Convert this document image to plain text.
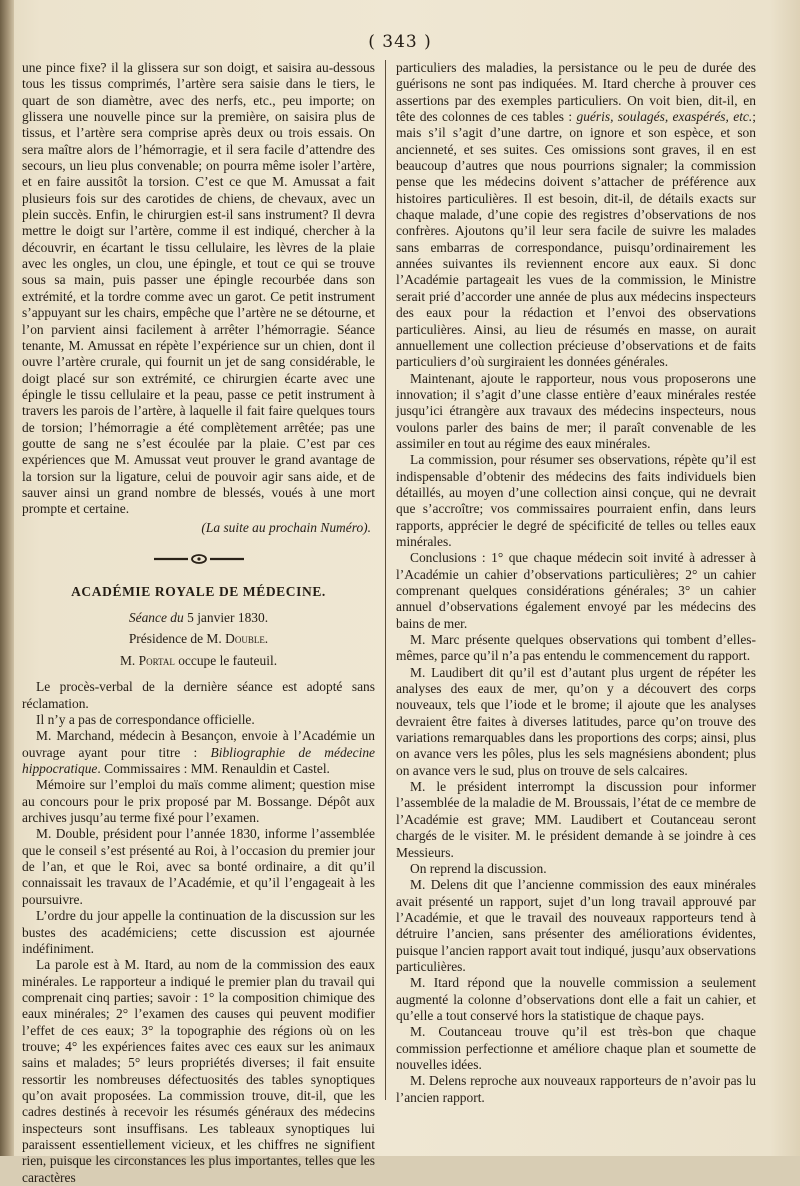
( 343 )

une pince fixe? il la glissera sur son doigt, et saisira au-dessous tous les tissus comprimés, l’artère sera saisie dans le tiers, le quart de son diamètre, avec des nerfs, etc., peu importe; on glissera une nouvelle pince sur la première, on saisira plus de tissus, et l’artère sera comprise après deux ou trois essais. On sera maître alors de l’hémorragie, et il sera facile d’attendre des secours, un lieu plus convenable; on pourra même isoler l’artère, et en faire aussitôt la torsion. C’est ce que M. Amussat a fait plusieurs fois sur des carotides de chiens, de chevaux, avec un plein succès. Enfin, le chirurgien est-il sans instrument? Il devra mettre le doigt sur l’artère, comme il est indiqué, chercher à la découvrir, en écartant le tissu cellulaire, les lèvres de la plaie avec les ongles, un clou, une épingle, et tout ce qui se trouve sous sa main, puis passer une épingle recourbée dans son extrémité, et la tordre comme avec un garot. Ce petit instrument s’appuyant sur les chairs, empêche que l’artère ne se détourne, et l’on parvient ainsi facilement à arrêter l’hémorragie. Séance tenante, M. Amussat en répète l’expérience sur un chien, dont il ouvre l’artère crurale, qui fournit un jet de sang considérable, le doigt placé sur son extrémité, ce chirurgien écarte avec une épingle le tissu cellulaire et la peau, passe ce petit instrument à travers les parois de l’artère, à laquelle il fait faire quelques tours de torsion; l’hémorragie a été complètement arrêtée; pas une goutte de sang ne s’est écoulée par la plaie. C’est par ces expériences que M. Amussat veut prouver le grand avantage de la torsion sur la ligature, celui de pouvoir agir sans aide, et de sauver ainsi un grand nombre de blessés, voués à une mort prompte et certaine.

(La suite au prochain Numéro).
ACADÉMIE ROYALE DE MÉDECINE.

Séance du 5 janvier 1830.

Présidence de M. Double.

M. Portal occupe le fauteuil.

Le procès-verbal de la dernière séance est adopté sans réclamation.

Il n’y a pas de correspondance officielle.

M. Marchand, médecin à Besançon, envoie à l’Académie un ouvrage ayant pour titre : Bibliographie de médecine hippocratique. Commissaires : MM. Renauldin et Castel.

Mémoire sur l’emploi du maïs comme aliment; question mise au concours pour le prix proposé par M. Bossange. Dépôt aux archives jusqu’au terme fixé pour l’examen.

M. Double, président pour l’année 1830, informe l’assemblée que le conseil s’est présenté au Roi, à l’occasion du premier jour de l’an, et que le Roi, avec sa bonté ordinaire, a dit qu’il connaissait les travaux de l’Académie, et qu’il l’engageait à les poursuivre.

L’ordre du jour appelle la continuation de la discussion sur les bustes des académiciens; cette discussion est ajournée indéfiniment.

La parole est à M. Itard, au nom de la commission des eaux minérales. Le rapporteur a indiqué le premier plan du travail qui comprenait cinq parties; savoir : 1° la composition chimique des eaux minérales; 2° l’examen des causes qui peuvent modifier l’effet de ces eaux; 3° la topographie des régions où on les trouve; 4° les expériences faites avec ces eaux sur les animaux sains et malades; 5° leurs propriétés diverses; il fait ensuite ressortir les nombreuses défectuosités des tables synoptiques qu’on avait proposées. La commission trouve, dit-il, que les cadres destinés à recevoir les résumés généraux des médecins inspecteurs sont insuffisans. Les tableaux synoptiques lui paraissent essentiellement vicieux, et les chiffres ne signifient rien, puisque les circonstances les plus importantes, telles que les caractères

particuliers des maladies, la persistance ou le peu de durée des guérisons ne sont pas indiquées. M. Itard cherche à prouver ces assertions par des exemples particuliers. On voit bien, dit-il, en tête des colonnes de ces tables : guéris, soulagés, exaspérés, etc.; mais s’il s’agit d’une dartre, on ignore et son espèce, et son ancienneté, et ses suites. Ces omissions sont graves, il en est beaucoup d’autres que nous pourrions signaler; la commission pense que les médecins doivent s’attacher de préférence aux histoires particulières. Il est besoin, dit-il, de détails exacts sur chaque malade, d’une copie des registres d’observations de nos confrères. Ajoutons qu’il leur sera facile de suivre les malades sans embarras de correspondance, puisqu’ordinairement les années suivantes ils reviennent encore aux eaux. Si donc l’Académie partageait les vues de la commission, le Ministre serait prié d’accorder une année de plus aux médecins inspecteurs des eaux pour la rédaction et l’envoi des observations particulières. Ainsi, au lieu de résumés en masse, on aurait annuellement une collection précieuse d’observations et de faits particuliers d’où surgiraient les données générales.

Maintenant, ajoute le rapporteur, nous vous proposerons une innovation; il s’agit d’une classe entière d’eaux minérales restée jusqu’ici étrangère aux travaux des médecins inspecteurs, nous voulons parler des bains de mer; il paraît convenable de les assimiler en tout au régime des eaux minérales.

La commission, pour résumer ses observations, répète qu’il est indispensable d’obtenir des médecins des faits individuels bien détaillés, au moyen d’une collection ainsi conçue, qui ne devrait que s’accroître; vos commissaires pourraient enfin, dans leurs rapports, apprécier le degré de spécificité de telles ou telles eaux minérales.

Conclusions : 1° que chaque médecin soit invité à adresser à l’Académie un cahier d’observations particulières; 2° un cahier comprenant quelques considérations générales; 3° un cahier annuel d’observations également envoyé par les médecins des bains de mer.

M. Marc présente quelques observations qui tombent d’elles-mêmes, parce qu’il n’a pas entendu le commencement du rapport.

M. Laudibert dit qu’il est d’autant plus urgent de répéter les analyses des eaux de mer, qu’on y a découvert des corps nouveaux, tels que l’iode et le brome; il ajoute que les analyses devraient être faites à diverses latitudes, parce qu’on trouve des variations remarquables dans les proportions des corps; ainsi, plus on avance vers les pôles, plus les sels magnésiens abondent; plus on avance vers le sud, plus on trouve de sels calcaires.

M. le président interrompt la discussion pour informer l’assemblée de la maladie de M. Broussais, l’état de ce membre de l’Académie est grave; MM. Laudibert et Coutanceau seront chargés de le visiter. M. le président demande à se joindre à ces Messieurs.

On reprend la discussion.

M. Delens dit que l’ancienne commission des eaux minérales avait présenté un rapport, sujet d’un long travail approuvé par l’Académie, et que le travail des nouveaux rapporteurs tend à détruire l’ancien, sans présenter des améliorations évidentes, puisque l’ancien rapport avait tout indiqué, jusqu’aux observations particulières.

M. Itard répond que la nouvelle commission a seulement augmenté la colonne d’observations dont elle a fait un cahier, et qu’elle a tout conservé hors la statistique de chaque pays.

M. Coutanceau trouve qu’il est très-bon que chaque commission perfectionne et améliore chaque plan et soumette de nouvelles idées.

M. Delens reproche aux nouveaux rapporteurs de n’avoir pas lu l’ancien rapport.
